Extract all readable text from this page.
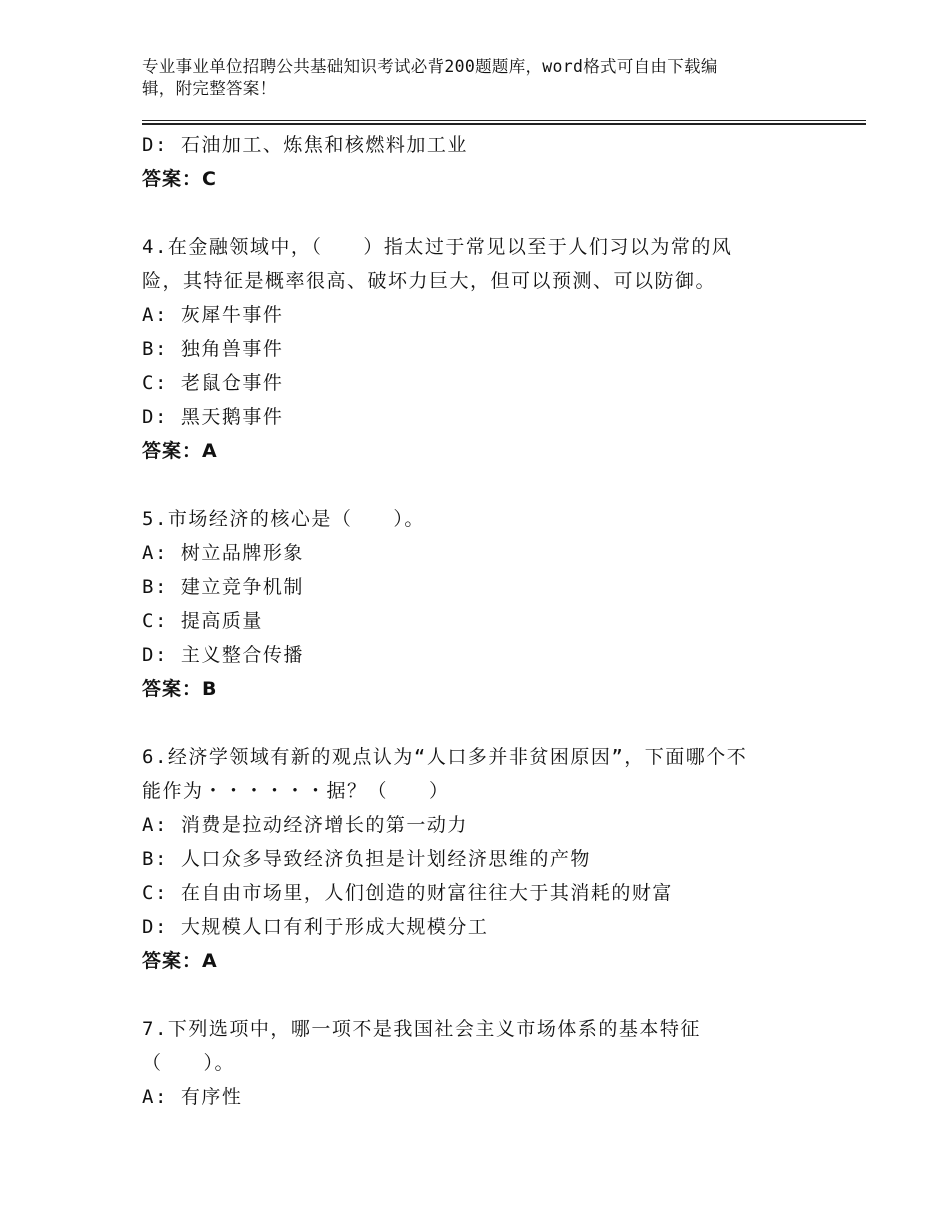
专业事业单位招聘公共基础知识考试必背200题题库，word格式可自由下载编
辑，附完整答案！
D: 石油加工、炼焦和核燃料加工业
答案：C
4.在金融领域中，（　　）指太过于常见以至于人们习以为常的风
险，其特征是概率很高、破坏力巨大，但可以预测、可以防御。
A: 灰犀牛事件
B: 独角兽事件
C: 老鼠仓事件
D: 黑天鹅事件
答案：A
5.市场经济的核心是（　　）。
A: 树立品牌形象
B: 建立竞争机制
C: 提高质量
D: 主义整合传播
答案：B
6.经济学领域有新的观点认为“人口多并非贫困原因”，下面哪个不
能作为・・・・・・据？（　　）
A: 消费是拉动经济增长的第一动力
B: 人口众多导致经济负担是计划经济思维的产物
C: 在自由市场里，人们创造的财富往往大于其消耗的财富
D: 大规模人口有利于形成大规模分工
答案：A
7.下列选项中，哪一项不是我国社会主义市场体系的基本特征
（　　）。
A: 有序性
